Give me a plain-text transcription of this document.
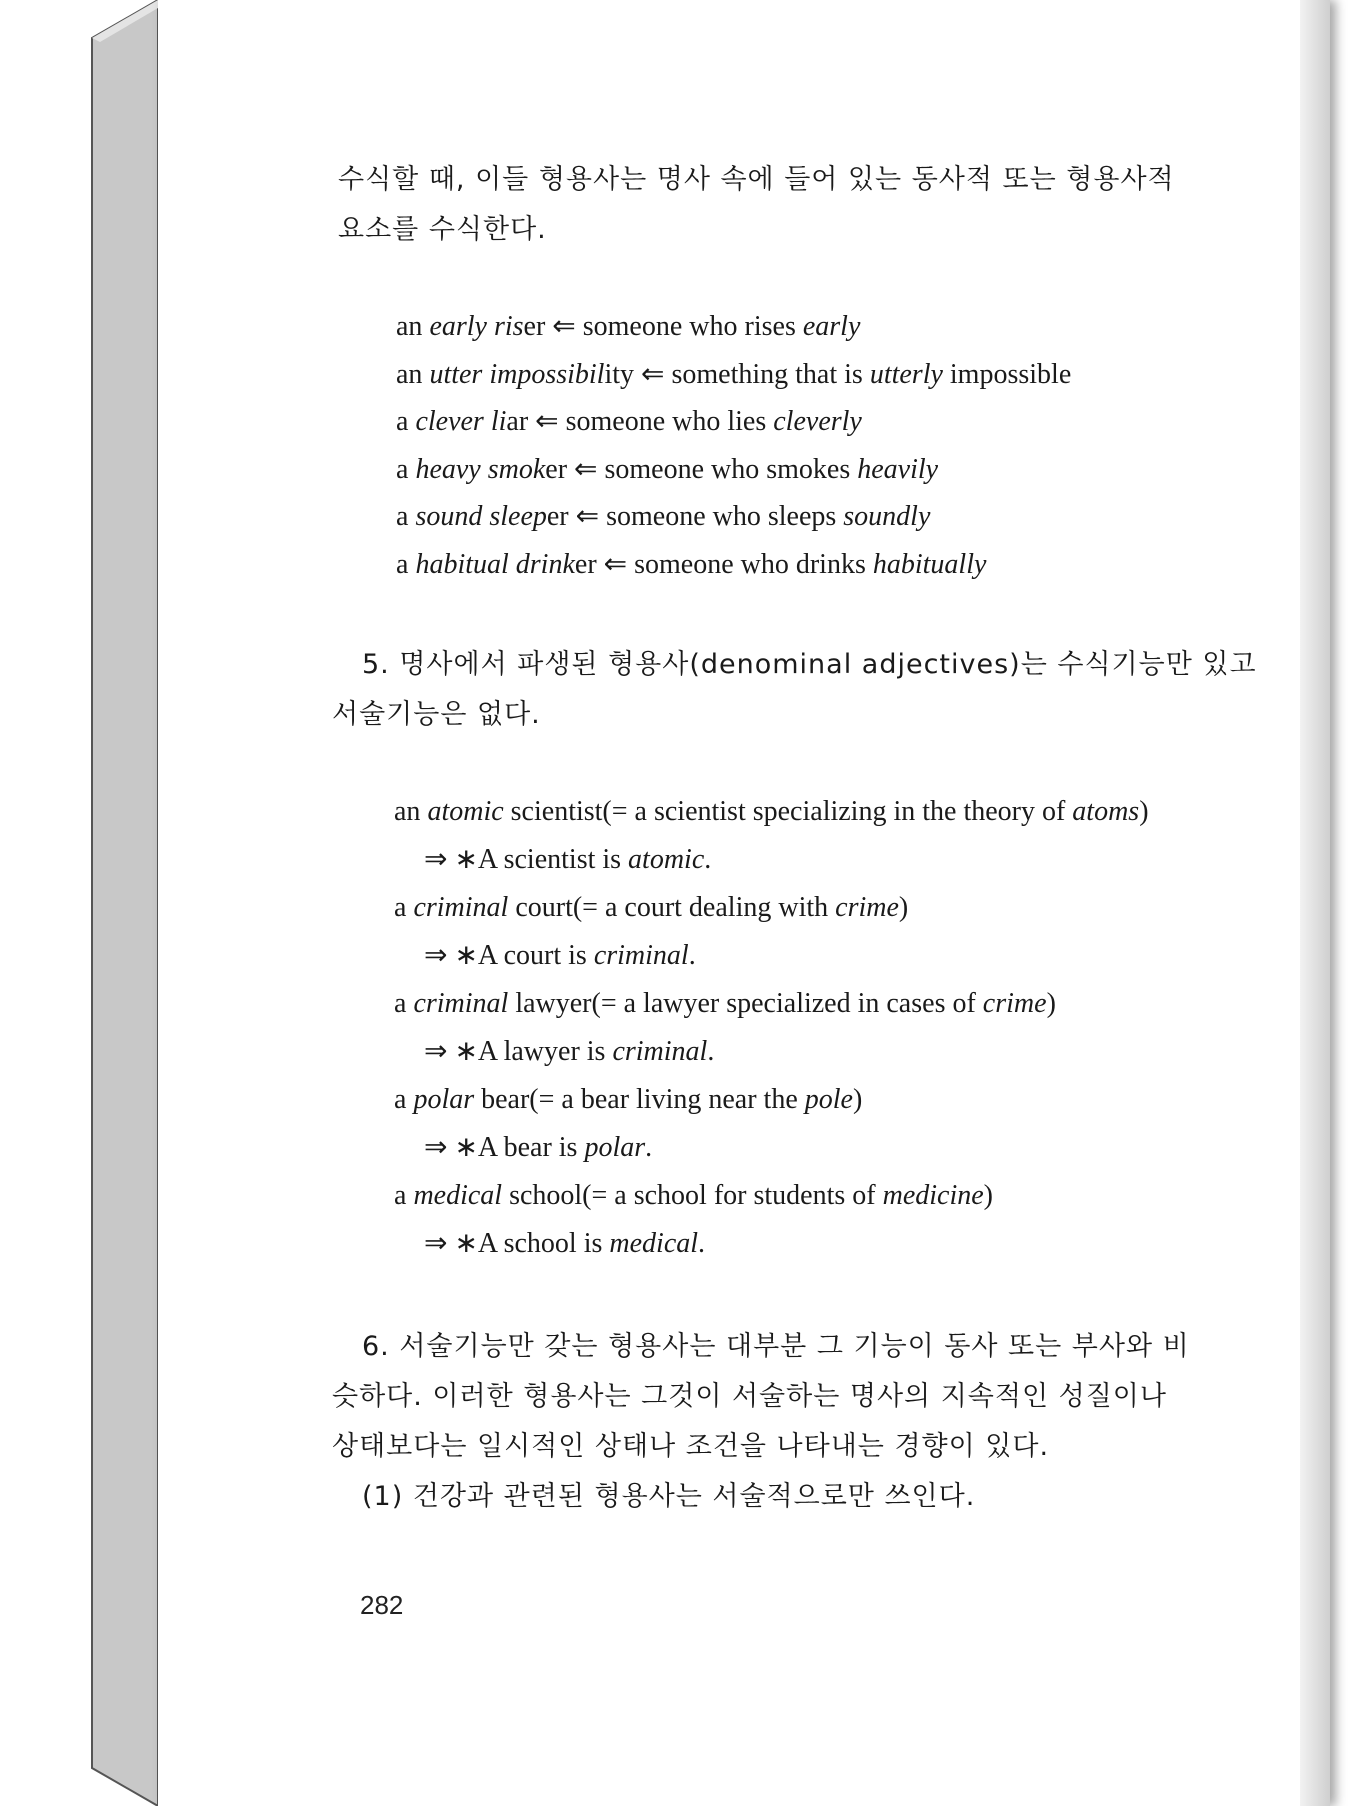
수식할 때, 이들 형용사는 명사 속에 들어 있는 동사적 또는 형용사적
요소를 수식한다.
an early riser ⇐ someone who rises early
an utter impossibility ⇐ something that is utterly impossible
a clever liar ⇐ someone who lies cleverly
a heavy smoker ⇐ someone who smokes heavily
a sound sleeper ⇐ someone who sleeps soundly
a habitual drinker ⇐ someone who drinks habitually
5. 명사에서 파생된 형용사(denominal adjectives)는 수식기능만 있고
서술기능은 없다.
an atomic scientist(= a scientist specializing in the theory of atoms)
⇒ ∗A scientist is atomic.
a criminal court(= a court dealing with crime)
⇒ ∗A court is criminal.
a criminal lawyer(= a lawyer specialized in cases of crime)
⇒ ∗A lawyer is criminal.
a polar bear(= a bear living near the pole)
⇒ ∗A bear is polar.
a medical school(= a school for students of medicine)
⇒ ∗A school is medical.
6. 서술기능만 갖는 형용사는 대부분 그 기능이 동사 또는 부사와 비
슷하다. 이러한 형용사는 그것이 서술하는 명사의 지속적인 성질이나
상태보다는 일시적인 상태나 조건을 나타내는 경향이 있다.
(1) 건강과 관련된 형용사는 서술적으로만 쓰인다.
282
